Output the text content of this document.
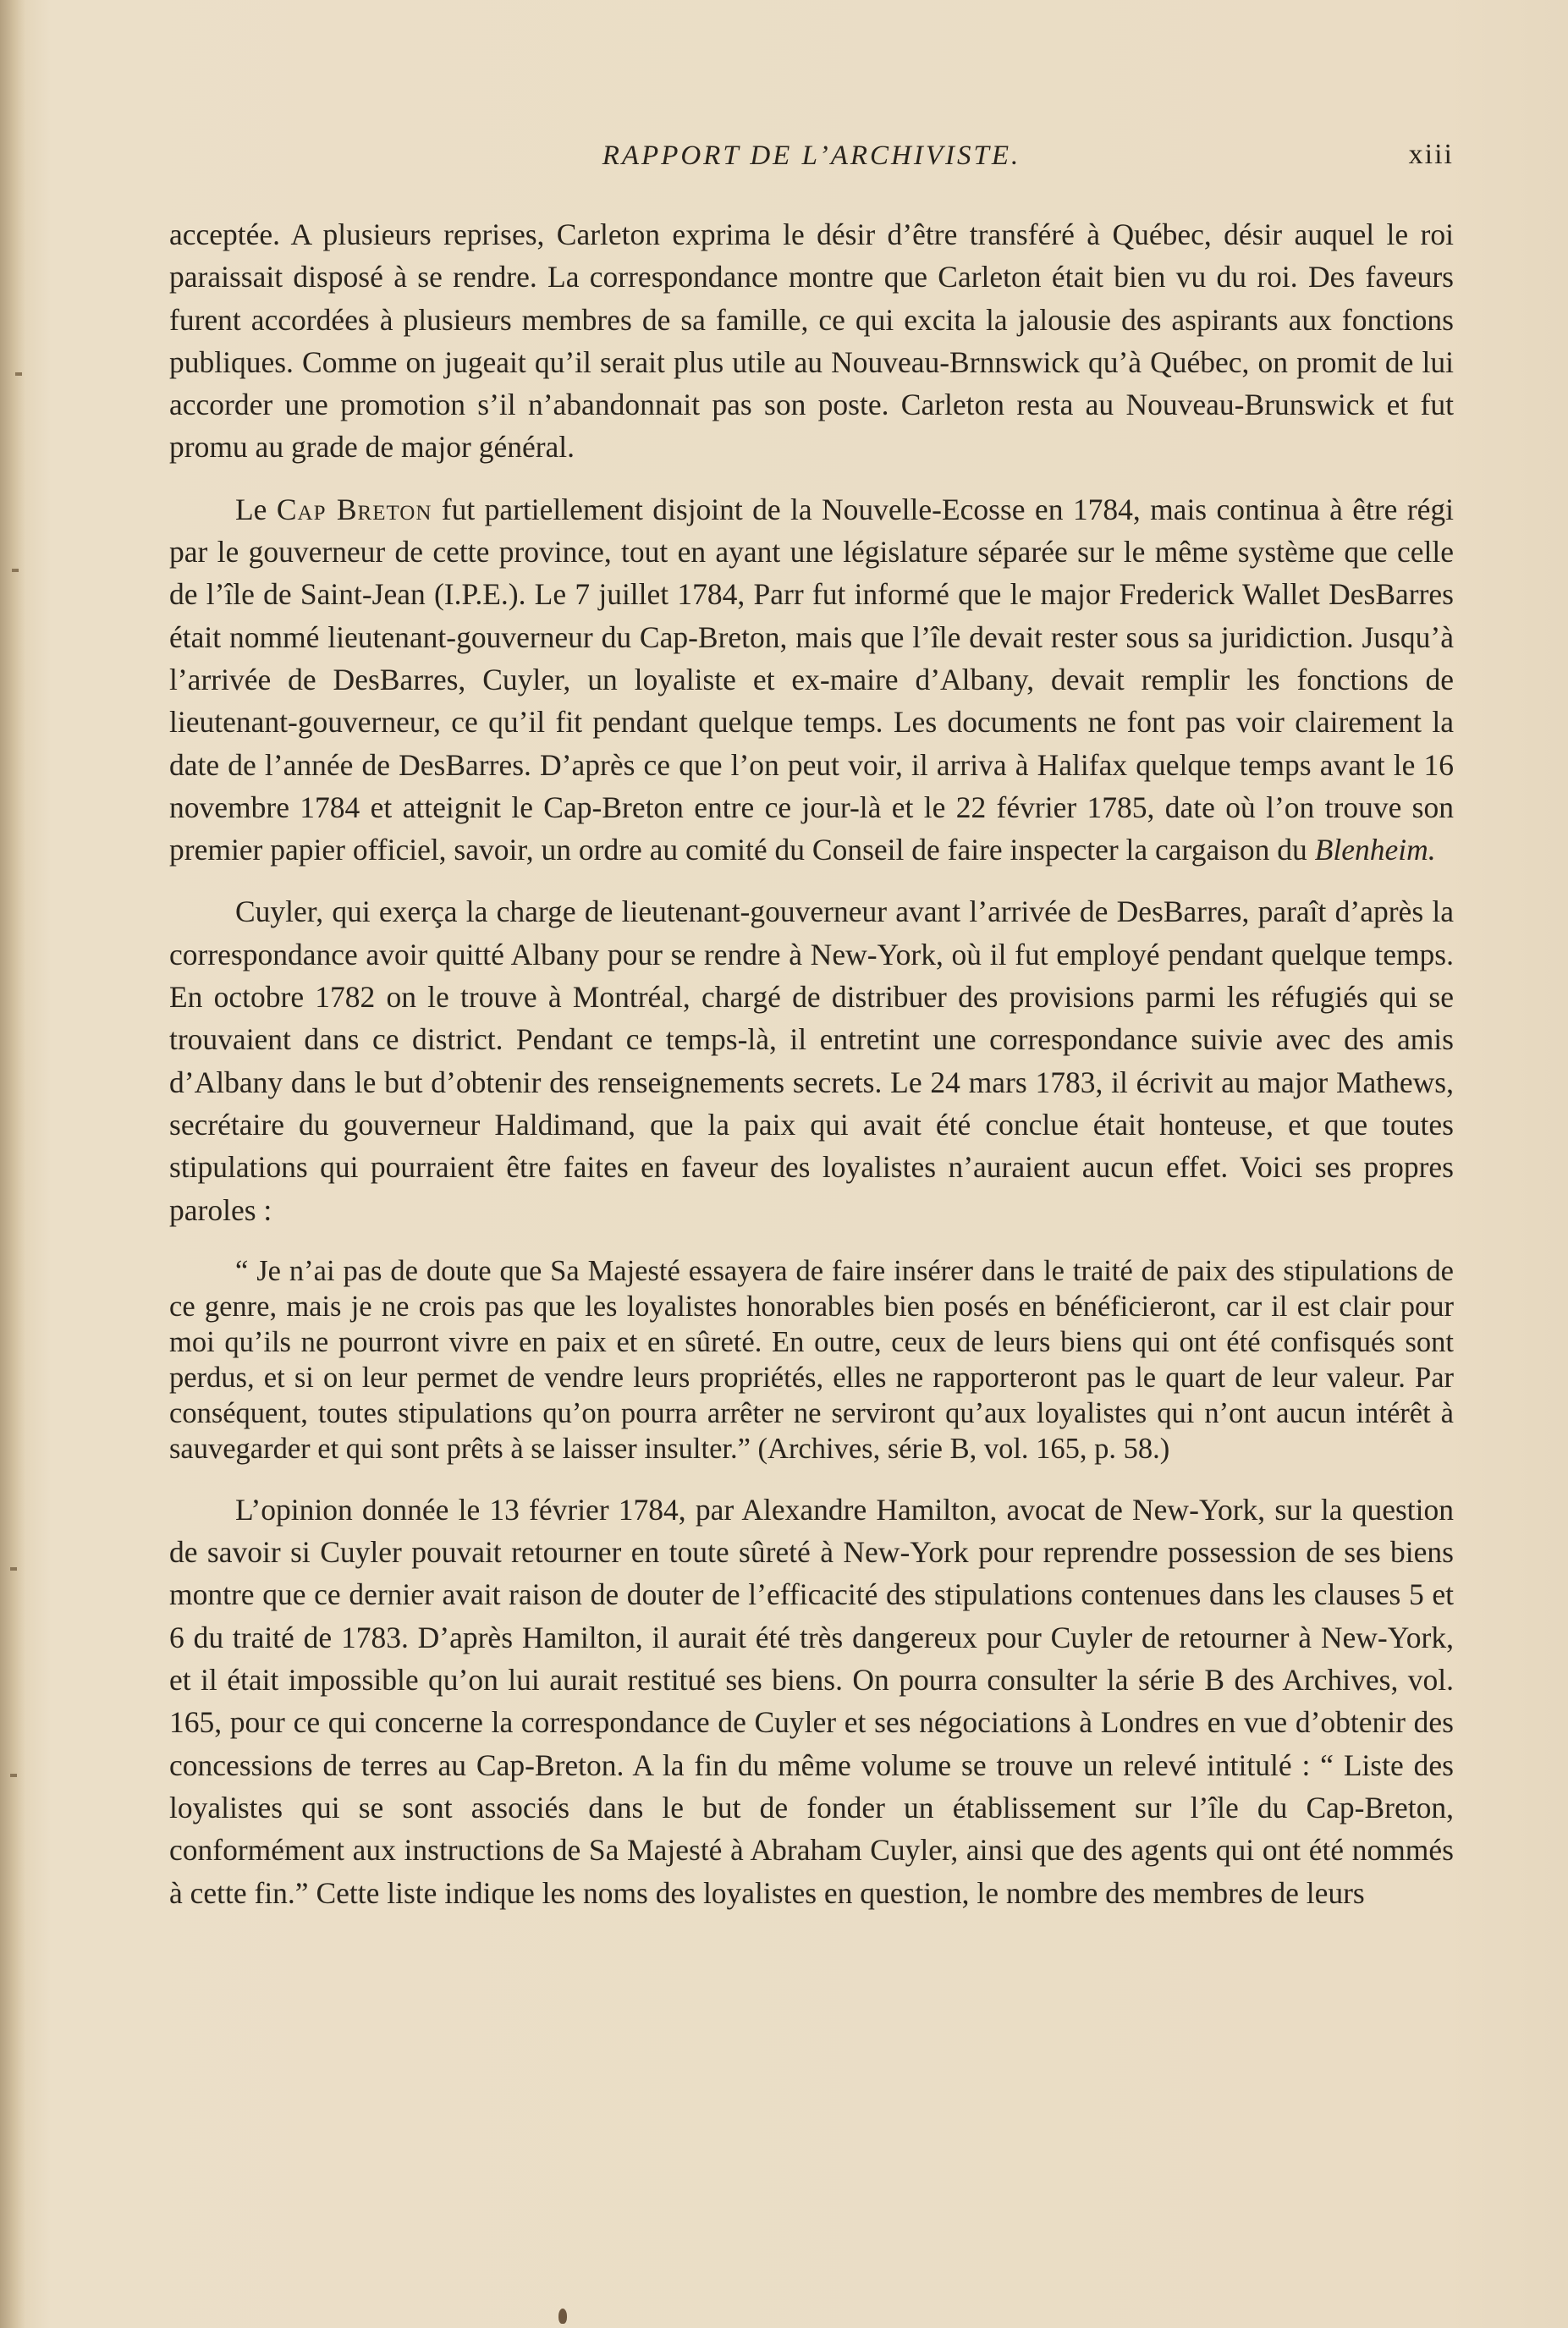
RAPPORT DE L’ARCHIVISTE.	xiii

acceptée. A plusieurs reprises, Carleton exprima le désir d’être transféré à Québec, désir auquel le roi paraissait disposé à se rendre. La correspondance montre que Carleton était bien vu du roi. Des faveurs furent accordées à plusieurs membres de sa famille, ce qui excita la jalousie des aspirants aux fonctions publiques. Comme on jugeait qu’il serait plus utile au Nouveau-Brnnswick qu’à Québec, on promit de lui accorder une promotion s’il n’abandonnait pas son poste. Carleton resta au Nouveau-Brunswick et fut promu au grade de major général.

Le Cap Breton fut partiellement disjoint de la Nouvelle-Ecosse en 1784, mais continua à être régi par le gouverneur de cette province, tout en ayant une législature séparée sur le même système que celle de l’île de Saint-Jean (I.P.E.). Le 7 juillet 1784, Parr fut informé que le major Frederick Wallet DesBarres était nommé lieutenant-gouverneur du Cap-Breton, mais que l’île devait rester sous sa juridiction. Jusqu’à l’arrivée de DesBarres, Cuyler, un loyaliste et ex-maire d’Albany, devait remplir les fonctions de lieutenant-gouverneur, ce qu’il fit pendant quelque temps. Les documents ne font pas voir clairement la date de l’année de DesBarres. D’après ce que l’on peut voir, il arriva à Halifax quelque temps avant le 16 novembre 1784 et atteignit le Cap-Breton entre ce jour-là et le 22 février 1785, date où l’on trouve son premier papier officiel, savoir, un ordre au comité du Conseil de faire inspecter la cargaison du Blenheim.

Cuyler, qui exerça la charge de lieutenant-gouverneur avant l’arrivée de DesBarres, paraît d’après la correspondance avoir quitté Albany pour se rendre à New-York, où il fut employé pendant quelque temps. En octobre 1782 on le trouve à Montréal, chargé de distribuer des provisions parmi les réfugiés qui se trouvaient dans ce district. Pendant ce temps-là, il entretint une correspondance suivie avec des amis d’Albany dans le but d’obtenir des renseignements secrets. Le 24 mars 1783, il écrivit au major Mathews, secrétaire du gouverneur Haldimand, que la paix qui avait été conclue était honteuse, et que toutes stipulations qui pourraient être faites en faveur des loyalistes n’auraient aucun effet. Voici ses propres paroles :

“ Je n’ai pas de doute que Sa Majesté essayera de faire insérer dans le traité de paix des stipulations de ce genre, mais je ne crois pas que les loyalistes honorables bien posés en bénéficieront, car il est clair pour moi qu’ils ne pourront vivre en paix et en sûreté. En outre, ceux de leurs biens qui ont été confisqués sont perdus, et si on leur permet de vendre leurs propriétés, elles ne rapporteront pas le quart de leur valeur. Par conséquent, toutes stipulations qu’on pourra arrêter ne serviront qu’aux loyalistes qui n’ont aucun intérêt à sauvegarder et qui sont prêts à se laisser insulter.” (Archives, série B, vol. 165, p. 58.)

L’opinion donnée le 13 février 1784, par Alexandre Hamilton, avocat de New-York, sur la question de savoir si Cuyler pouvait retourner en toute sûreté à New-York pour reprendre possession de ses biens montre que ce dernier avait raison de douter de l’efficacité des stipulations contenues dans les clauses 5 et 6 du traité de 1783. D’après Hamilton, il aurait été très dangereux pour Cuyler de retourner à New-York, et il était impossible qu’on lui aurait restitué ses biens. On pourra consulter la série B des Archives, vol. 165, pour ce qui concerne la correspondance de Cuyler et ses négociations à Londres en vue d’obtenir des concessions de terres au Cap-Breton. A la fin du même volume se trouve un relevé intitulé : “ Liste des loyalistes qui se sont associés dans le but de fonder un établissement sur l’île du Cap-Breton, conformément aux instructions de Sa Majesté à Abraham Cuyler, ainsi que des agents qui ont été nommés à cette fin.” Cette liste indique les noms des loyalistes en question, le nombre des membres de leurs
